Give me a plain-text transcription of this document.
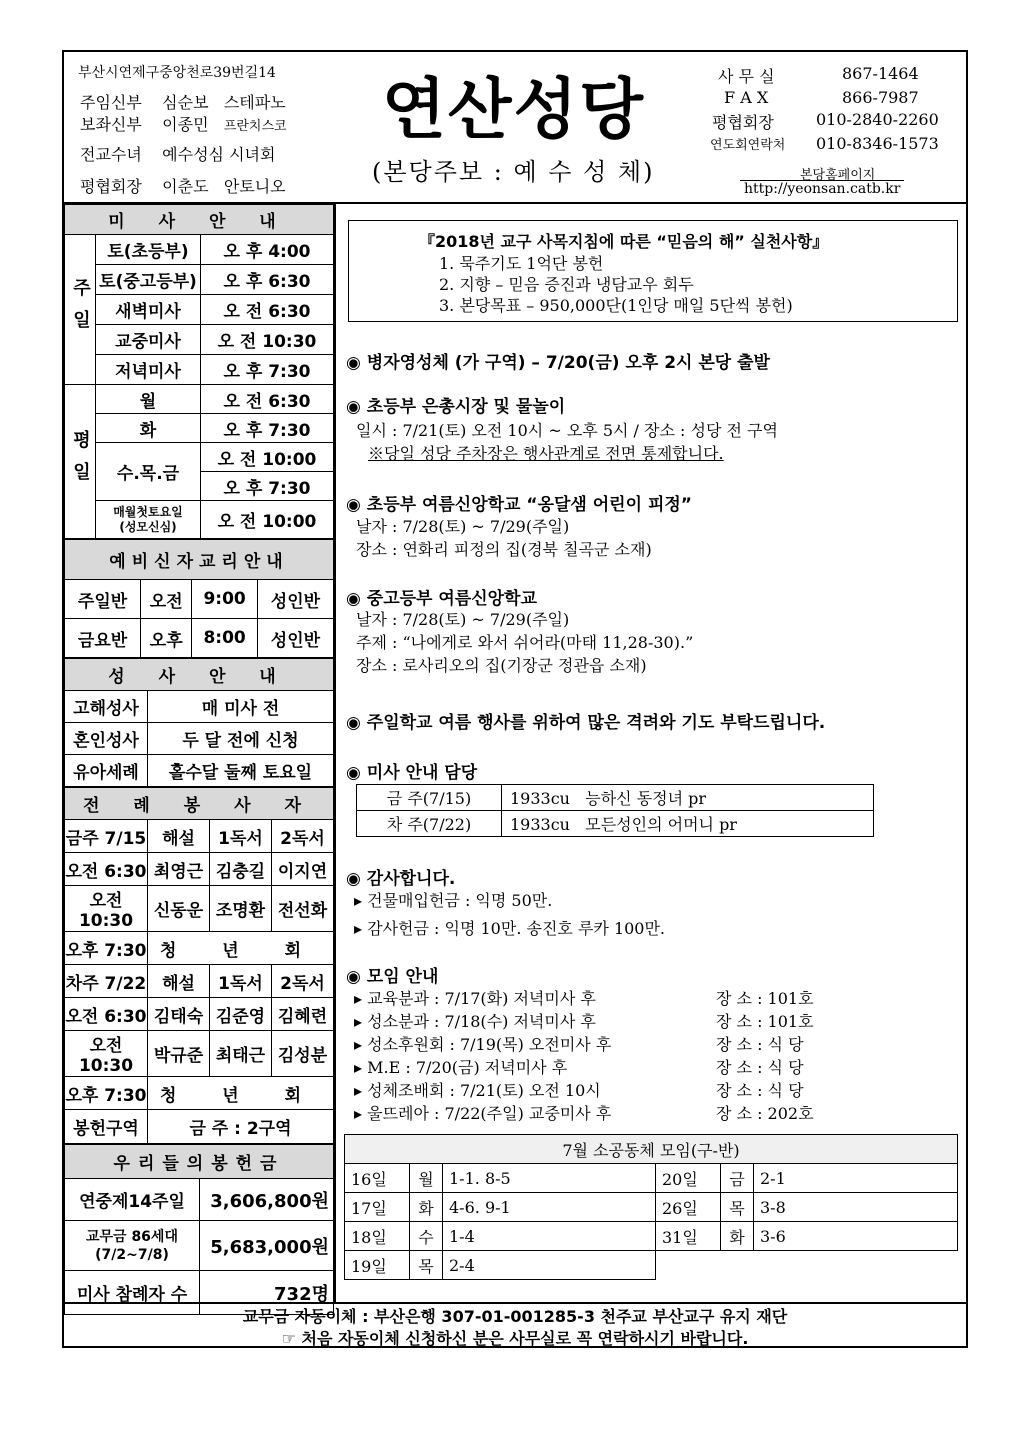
부산시연제구중앙천로39번길14
주임신부 심순보 스테파노
보좌신부 이종민 프란치스코
전교수녀 예수성심 시녀회
평협회장 이춘도 안토니오
연산성당
(본당주보 : 예 수 성 체)
사 무 실	867-1464
F A X	866-7987
평협회장	010-2840-2260
연도회연락처 010-8346-1573
본당홈페이지
http://yeonsan.catb.kr
미 사 안 내		
주일	토(초등부)	오 후 4:00
	토(중고등부)	오 후 6:30
	새벽미사	오 전 6:30
	교중미사	오 전 10:30
	저녁미사	오 후 7:30
평일	월	오 전 6:30
	화	오 후 7:30
	수.목.금	오 전 10:00
		오 후 7:30
	매월첫토요일
(성모신심)	오 전 10:00
예비신자교리안내			
주일반	오전	9:00	성인반
금요반	오후	8:00	성인반
성 사 안 내	
고해성사	매 미사 전
혼인성사	두 달 전에 신청
유아세례	홀수달 둘째 토요일
전 례 봉 사 자			
금주 7/15	해설	1독서	2독서
오전 6:30	최영근	김충길	이지연
오전10:30	신동운	조명환	전선화
오후 7:30	청 년 회		
차주 7/22	해설	1독서	2독서
오전 6:30	김태숙	김준영	김혜련
오전10:30	박규준	최태근	김성분
오후 7:30	청 년 회		
봉헌구역	금 주 : 2구역		
우리들의봉헌금	
연중제14주일	3,606,800원
교무금 86세대
(7/2~7/8)	5,683,000원
미사 참례자 수	732명
『2018년 교구 사목지침에 따른 “믿음의 해” 실천사항』
1. 묵주기도 1억단 봉헌
2. 지향 – 믿음 증진과 냉담교우 회두
3. 본당목표 – 950,000단(1인당 매일 5단씩 봉헌)
◉ 병자영성체 (가 구역) – 7/20(금) 오후 2시 본당 출발
◉ 초등부 은총시장 및 물놀이
일시 : 7/21(토) 오전 10시 ~ 오후 5시 / 장소 : 성당 전 구역
※당일 성당 주차장은 행사관계로 전면 통제합니다.
◉ 초등부 여름신앙학교 “옹달샘 어린이 피정”
날자 : 7/28(토) ~ 7/29(주일)
장소 : 연화리 피정의 집(경북 칠곡군 소재)
◉ 중고등부 여름신앙학교
날자 : 7/28(토) ~ 7/29(주일)
주제 : “나에게로 와서 쉬어라(마태 11,28-30).”
장소 : 로사리오의 집(기장군 정관읍 소재)
◉ 주일학교 여름 행사를 위하여 많은 격려와 기도 부탁드립니다.
◉ 미사 안내 담당
금 주(7/15)	1933cu 능하신 동정녀 pr
차 주(7/22)	1933cu 모든성인의 어머니 pr
◉ 감사합니다.
▸ 건물매입헌금 : 익명 50만.
▸ 감사헌금 : 익명 10만. 송진호 루카 100만.
◉ 모임 안내
▸ 교육분과 : 7/17(화) 저녁미사 후	장 소 : 101호
▸ 성소분과 : 7/18(수) 저녁미사 후	장 소 : 101호
▸ 성소후원회 : 7/19(목) 오전미사 후	장 소 : 식 당
▸ M.E : 7/20(금) 저녁미사 후	장 소 : 식 당
▸ 성체조배회 : 7/21(토) 오전 10시	장 소 : 식 당
▸ 울뜨레아 : 7/22(주일) 교중미사 후	장 소 : 202호
7월 소공동체 모임(구-반)					
16일	월	1-1. 8-5	20일	금	2-1
17일	화	4-6. 9-1	26일	목	3-8
18일	수	1-4	31일	화	3-6
19일	목	2-4			
교무금 자동이체 : 부산은행 307-01-001285-3 천주교 부산교구 유지 재단
☞ 처음 자동이체 신청하신 분은 사무실로 꼭 연락하시기 바랍니다.
